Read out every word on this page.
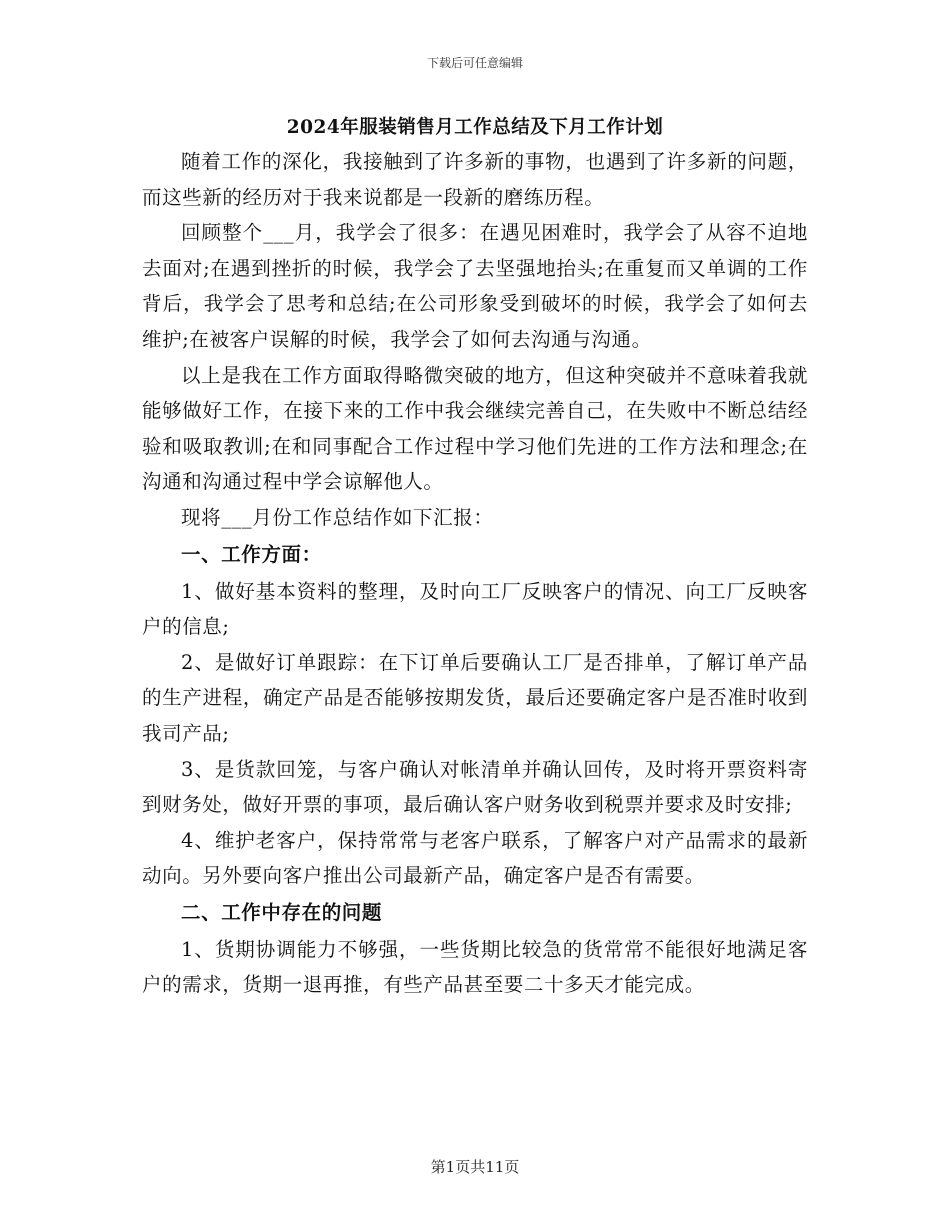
下载后可任意编辑
2024年服装销售月工作总结及下月工作计划

随着工作的深化，我接触到了许多新的事物，也遇到了许多新的问题，而这些新的经历对于我来说都是一段新的磨练历程。

回顾整个___月，我学会了很多：在遇见困难时，我学会了从容不迫地去面对;在遇到挫折的时候，我学会了去坚强地抬头;在重复而又单调的工作背后，我学会了思考和总结;在公司形象受到破坏的时候，我学会了如何去维护;在被客户误解的时候，我学会了如何去沟通与沟通。

以上是我在工作方面取得略微突破的地方，但这种突破并不意味着我就能够做好工作，在接下来的工作中我会继续完善自己，在失败中不断总结经验和吸取教训;在和同事配合工作过程中学习他们先进的工作方法和理念;在沟通和沟通过程中学会谅解他人。

现将___月份工作总结作如下汇报：

一、工作方面：

1、做好基本资料的整理，及时向工厂反映客户的情况、向工厂反映客户的信息;

2、是做好订单跟踪：在下订单后要确认工厂是否排单，了解订单产品的生产进程，确定产品是否能够按期发货，最后还要确定客户是否准时收到我司产品;

3、是货款回笼，与客户确认对帐清单并确认回传，及时将开票资料寄到财务处，做好开票的事项，最后确认客户财务收到税票并要求及时安排;

4、维护老客户，保持常常与老客户联系，了解客户对产品需求的最新动向。另外要向客户推出公司最新产品，确定客户是否有需要。

二、工作中存在的问题

1、货期协调能力不够强，一些货期比较急的货常常不能很好地满足客户的需求，货期一退再推，有些产品甚至要二十多天才能完成。

第1页共11页
